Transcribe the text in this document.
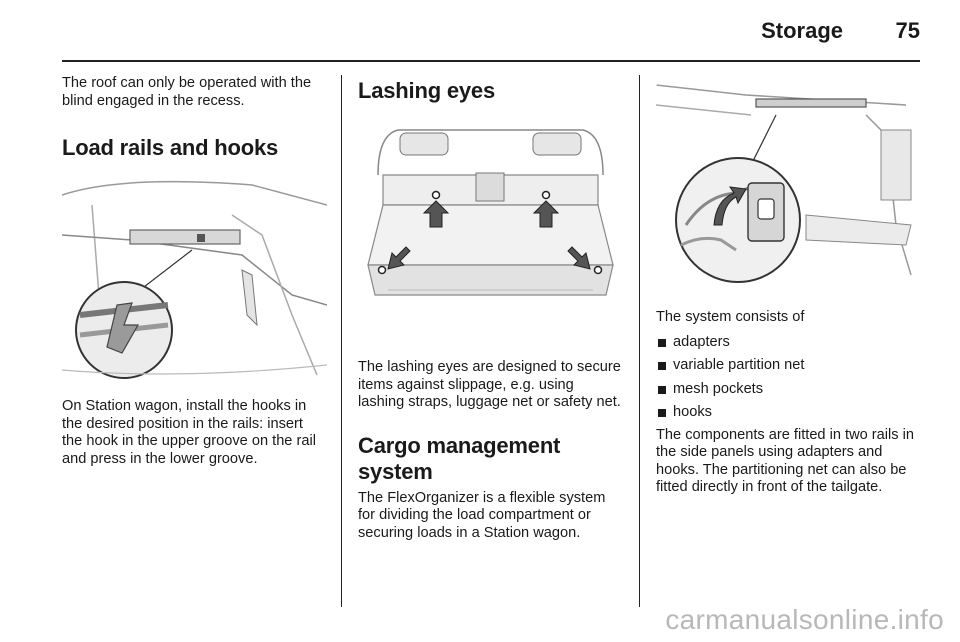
Storage 75

The roof can only be operated with the blind engaged in the recess.

Load rails and hooks

On Station wagon, install the hooks in the desired position in the rails: insert the hook in the upper groove on the rail and press in the lower groove.

Lashing eyes

The lashing eyes are designed to secure items against slippage, e.g. using lashing straps, luggage net or safety net.

Cargo management system

The FlexOrganizer is a flexible system for dividing the load compartment or securing loads in a Station wagon.

The system consists of

adapters
variable partition net
mesh pockets
hooks

The components are fitted in two rails in the side panels using adapters and hooks. The partitioning net can also be fitted directly in front of the tailgate.

carmanualsonline.info
